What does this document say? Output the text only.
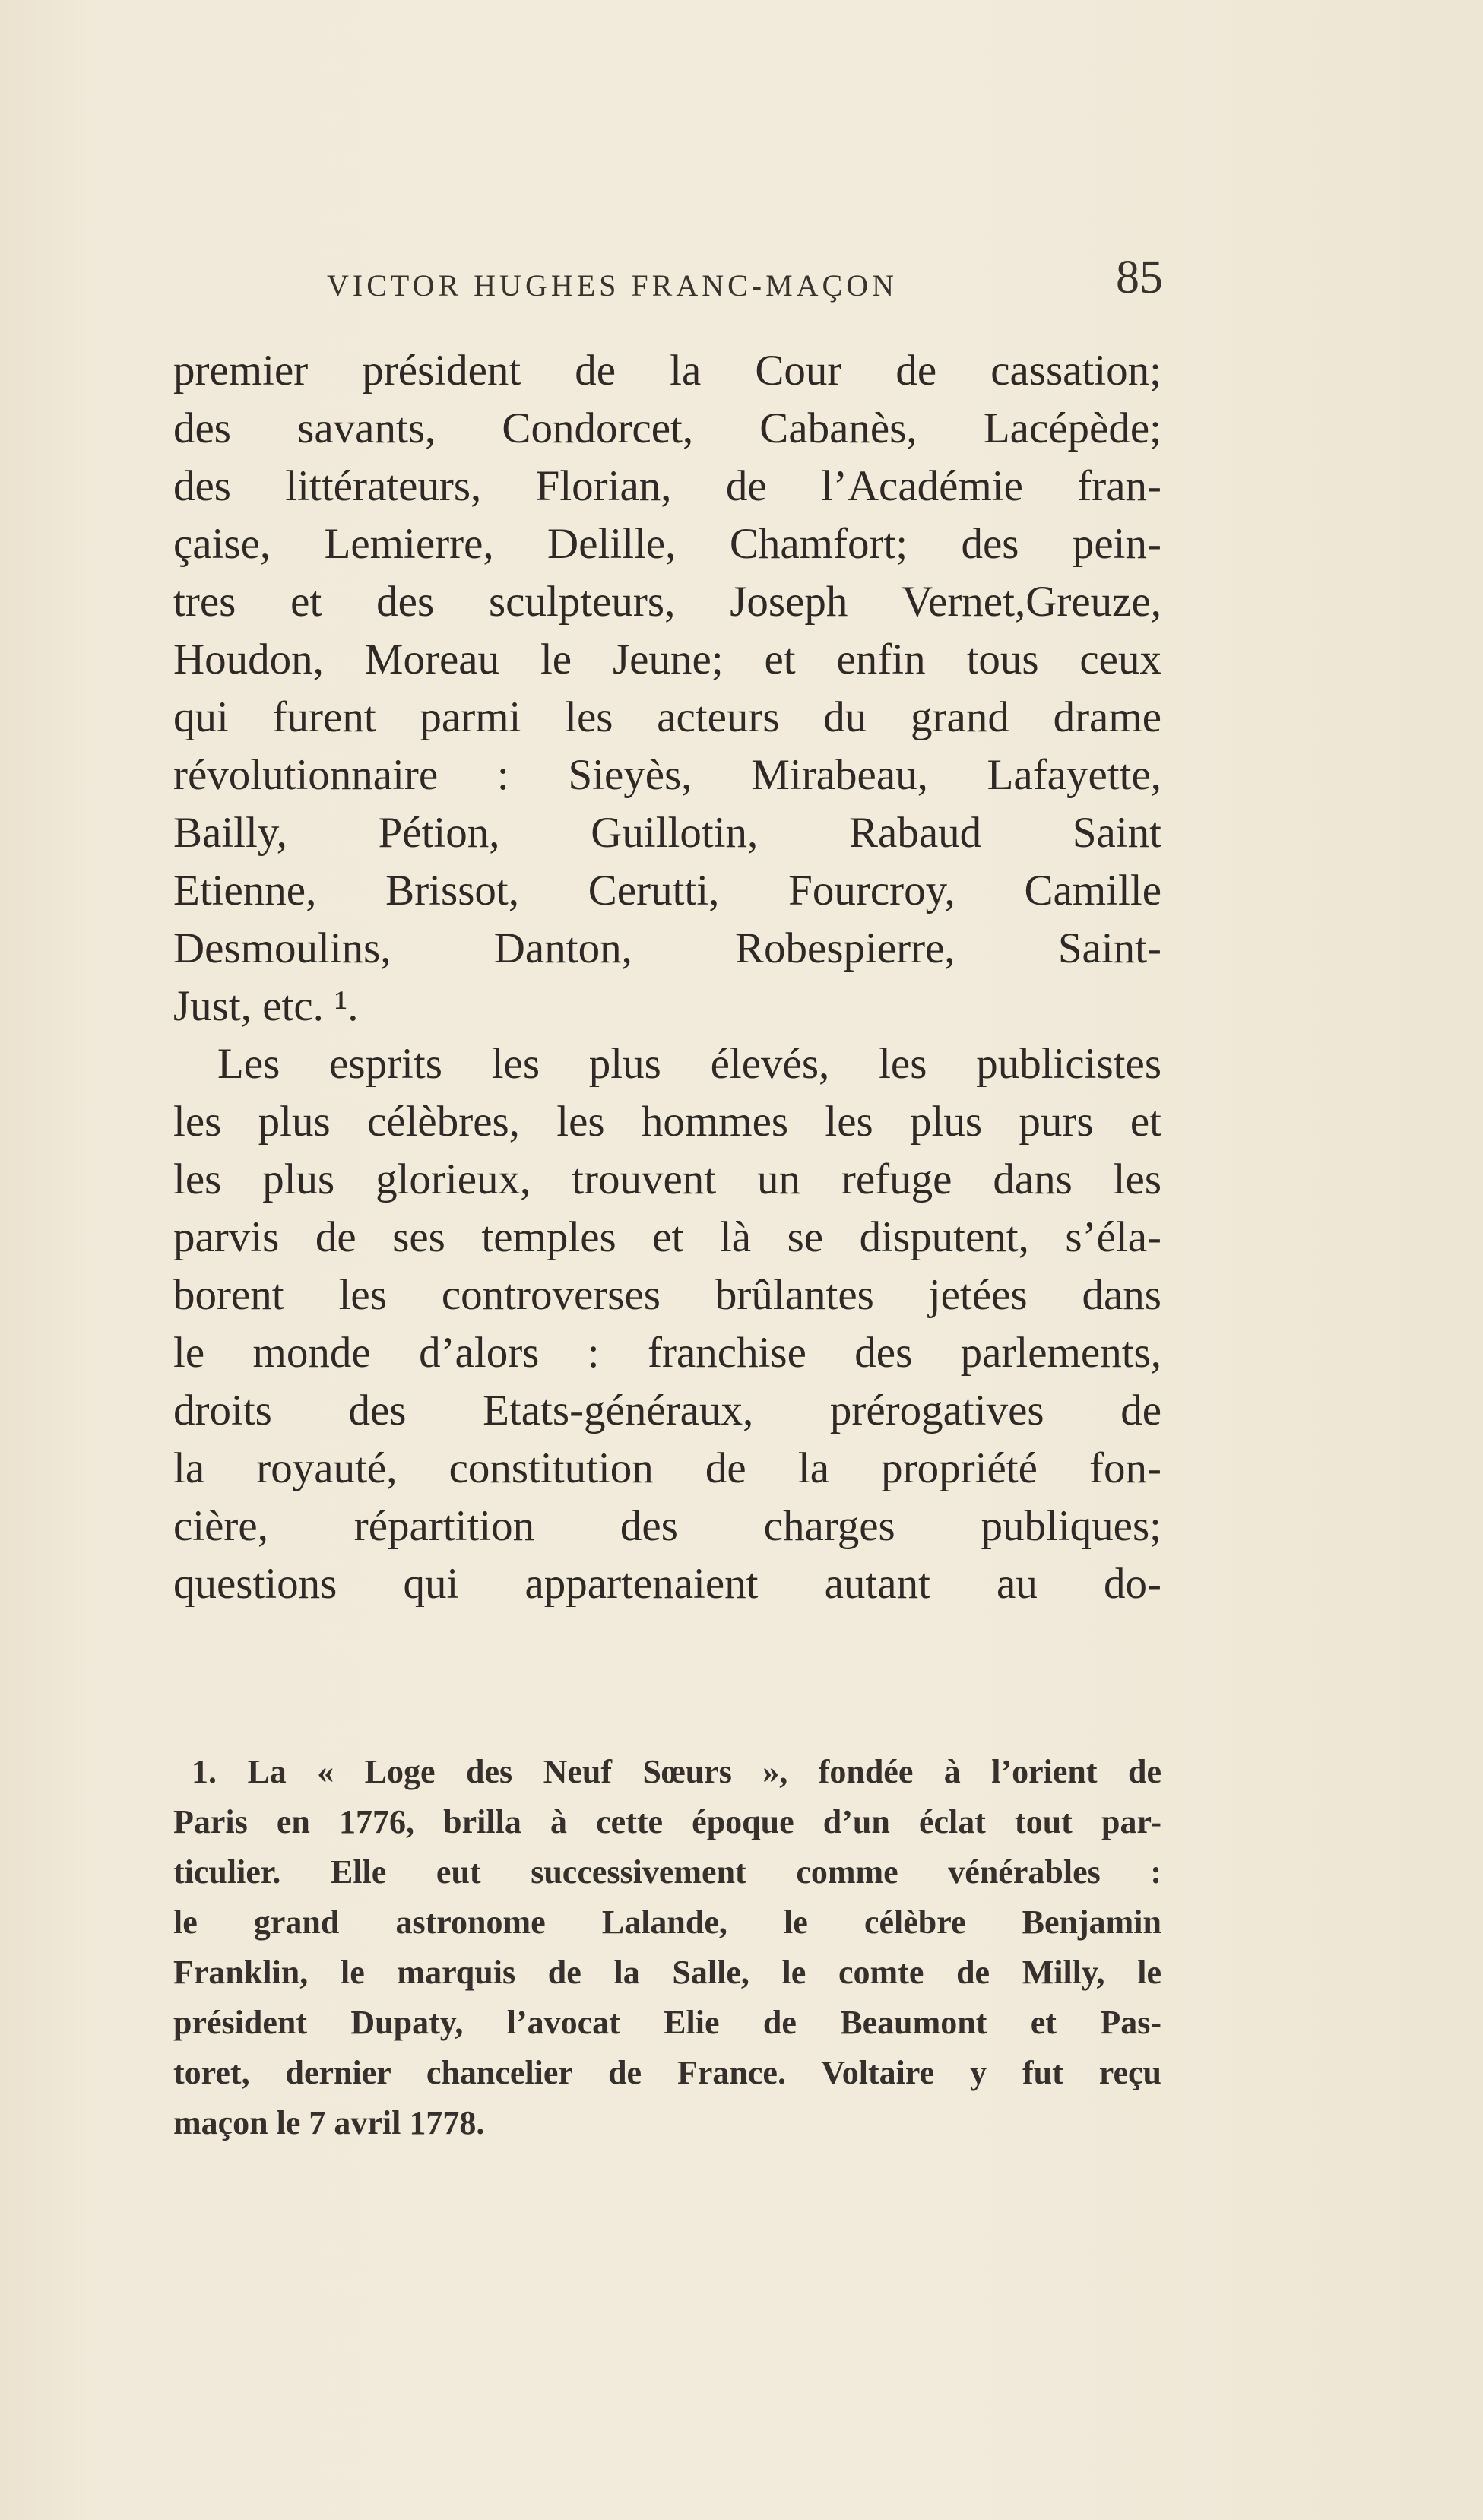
VICTOR HUGHES FRANC-MAÇON	85
premier président de la Cour de cassation;
des savants, Condorcet, Cabanès, Lacépède;
des littérateurs, Florian, de l’Académie fran-
çaise, Lemierre, Delille, Chamfort; des pein-
tres et des sculpteurs, Joseph Vernet,Greuze,
Houdon, Moreau le Jeune; et enfin tous ceux
qui furent parmi les acteurs du grand drame
révolutionnaire : Sieyès, Mirabeau, Lafayette,
Bailly, Pétion, Guillotin, Rabaud Saint
Etienne, Brissot, Cerutti, Fourcroy, Camille
Desmoulins, Danton, Robespierre, Saint-
Just, etc. ¹.
Les esprits les plus élevés, les publicistes
les plus célèbres, les hommes les plus purs et
les plus glorieux, trouvent un refuge dans les
parvis de ses temples et là se disputent, s’éla-
borent les controverses brûlantes jetées dans
le monde d’alors : franchise des parlements,
droits des Etats-généraux, prérogatives de
la royauté, constitution de la propriété fon-
cière, répartition des charges publiques;
questions qui appartenaient autant au do-
1. La « Loge des Neuf Sœurs », fondée à l’orient de
Paris en 1776, brilla à cette époque d’un éclat tout par-
ticulier. Elle eut successivement comme vénérables :
le grand astronome Lalande, le célèbre Benjamin
Franklin, le marquis de la Salle, le comte de Milly, le
président Dupaty, l’avocat Elie de Beaumont et Pas-
toret, dernier chancelier de France. Voltaire y fut reçu
maçon le 7 avril 1778.
